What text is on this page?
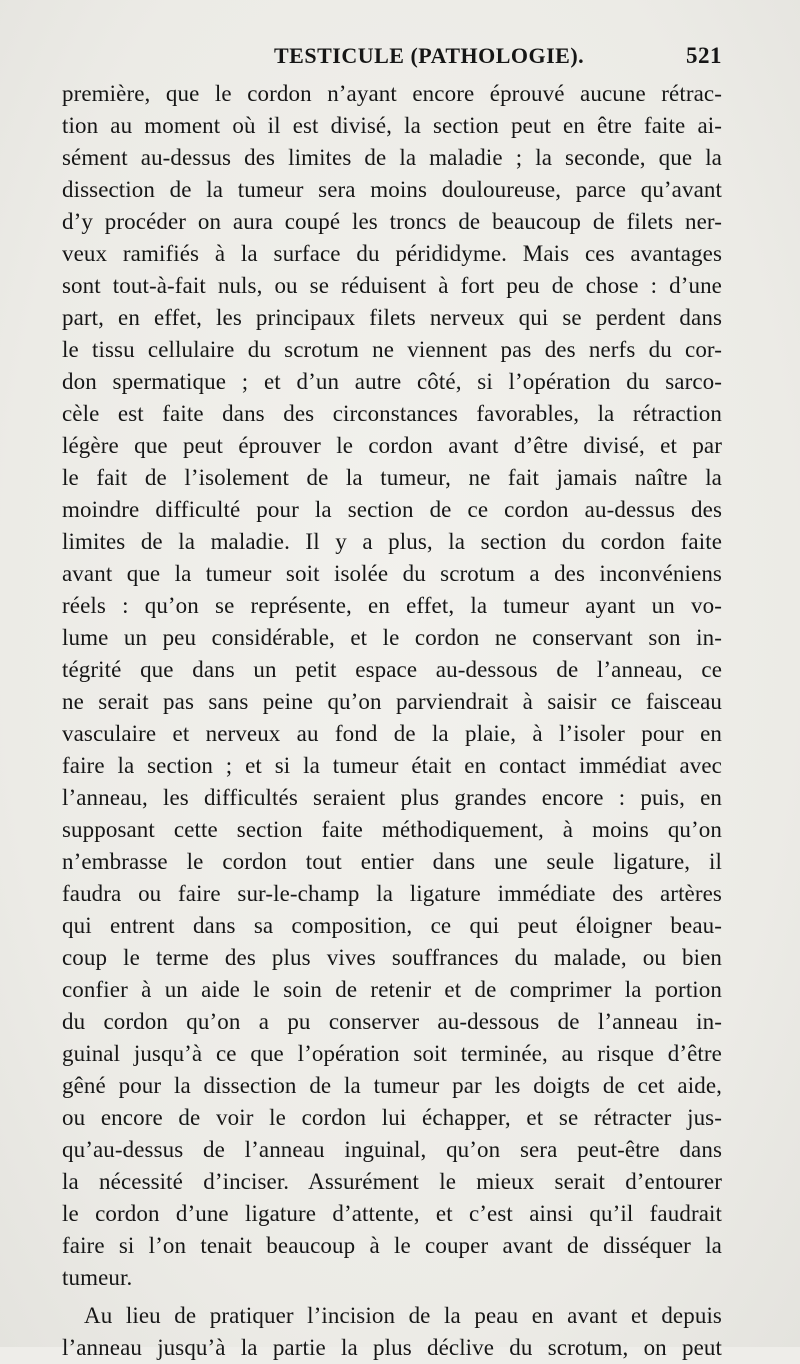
TESTICULE (PATHOLOGIE).	521
première, que le cordon n’ayant encore éprouvé aucune rétrac-
tion au moment où il est divisé, la section peut en être faite ai-
sément au-dessus des limites de la maladie ; la seconde, que la
dissection de la tumeur sera moins douloureuse, parce qu’avant
d’y procéder on aura coupé les troncs de beaucoup de filets ner-
veux ramifiés à la surface du pérididyme. Mais ces avantages
sont tout-à-fait nuls, ou se réduisent à fort peu de chose : d’une
part, en effet, les principaux filets nerveux qui se perdent dans
le tissu cellulaire du scrotum ne viennent pas des nerfs du cor-
don spermatique ; et d’un autre côté, si l’opération du sarco-
cèle est faite dans des circonstances favorables, la rétraction
légère que peut éprouver le cordon avant d’être divisé, et par
le fait de l’isolement de la tumeur, ne fait jamais naître la
moindre difficulté pour la section de ce cordon au-dessus des
limites de la maladie. Il y a plus, la section du cordon faite
avant que la tumeur soit isolée du scrotum a des inconvéniens
réels : qu’on se représente, en effet, la tumeur ayant un vo-
lume un peu considérable, et le cordon ne conservant son in-
tégrité que dans un petit espace au-dessous de l’anneau, ce
ne serait pas sans peine qu’on parviendrait à saisir ce faisceau
vasculaire et nerveux au fond de la plaie, à l’isoler pour en
faire la section ; et si la tumeur était en contact immédiat avec
l’anneau, les difficultés seraient plus grandes encore : puis, en
supposant cette section faite méthodiquement, à moins qu’on
n’embrasse le cordon tout entier dans une seule ligature, il
faudra ou faire sur-le-champ la ligature immédiate des artères
qui entrent dans sa composition, ce qui peut éloigner beau-
coup le terme des plus vives souffrances du malade, ou bien
confier à un aide le soin de retenir et de comprimer la portion
du cordon qu’on a pu conserver au-dessous de l’anneau in-
guinal jusqu’à ce que l’opération soit terminée, au risque d’être
gêné pour la dissection de la tumeur par les doigts de cet aide,
ou encore de voir le cordon lui échapper, et se rétracter jus-
qu’au-dessus de l’anneau inguinal, qu’on sera peut-être dans
la nécessité d’inciser. Assurément le mieux serait d’entourer
le cordon d’une ligature d’attente, et c’est ainsi qu’il faudrait
faire si l’on tenait beaucoup à le couper avant de disséquer la
tumeur.
Au lieu de pratiquer l’incision de la peau en avant et depuis
l’anneau jusqu’à la partie la plus déclive du scrotum, on peut
